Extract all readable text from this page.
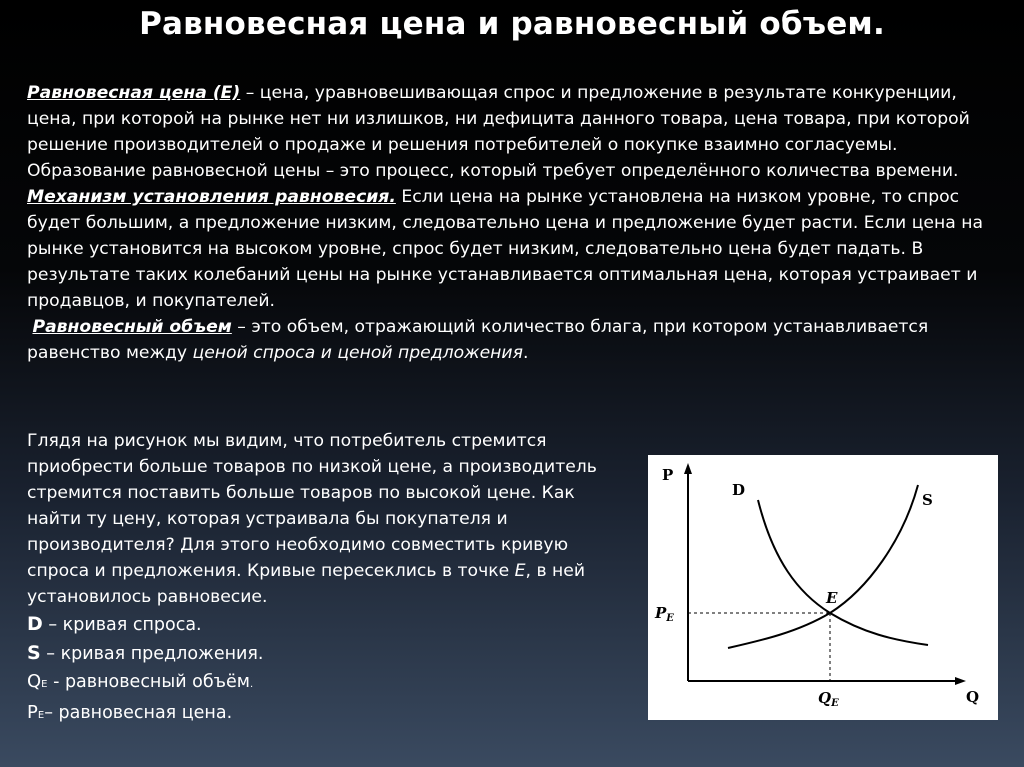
Равновесная цена и равновесный объем.

Равновесная цена (Е) – цена, уравновешивающая спрос и предложение в результате конкуренции, цена, при которой на рынке нет ни излишков, ни дефицита данного товара, цена товара, при которой решение производителей о продаже и решения потребителей о покупке взаимно согласуемы. Образование равновесной цены – это процесс, который требует определённого количества времени.

Механизм установления равновесия. Если цена на рынке установлена на низком уровне, то спрос будет большим, а предложение низким, следовательно цена и предложение будет расти. Если цена на рынке установится на высоком уровне, спрос будет низким, следовательно цена будет падать. В результате таких колебаний цены на рынке устанавливается оптимальная цена, которая устраивает и продавцов, и покупателей.

Равновесный объем – это объем, отражающий количество блага, при котором устанавливается равенство между ценой спроса и ценой предложения.

Глядя на рисунок мы видим, что потребитель стремится приобрести больше товаров по низкой цене, а производитель стремится поставить больше товаров по высокой цене. Как найти ту цену, которая устраивала бы покупателя и производителя? Для этого необходимо совместить кривую спроса и предложения. Кривые пересеклись в точке Е, в ней установилось равновесие.

D – кривая спроса.
S – кривая предложения.
QE - равновесный объём.
PE– равновесная цена.
P
Q
D
S
E
$P_E$
$Q_E$
